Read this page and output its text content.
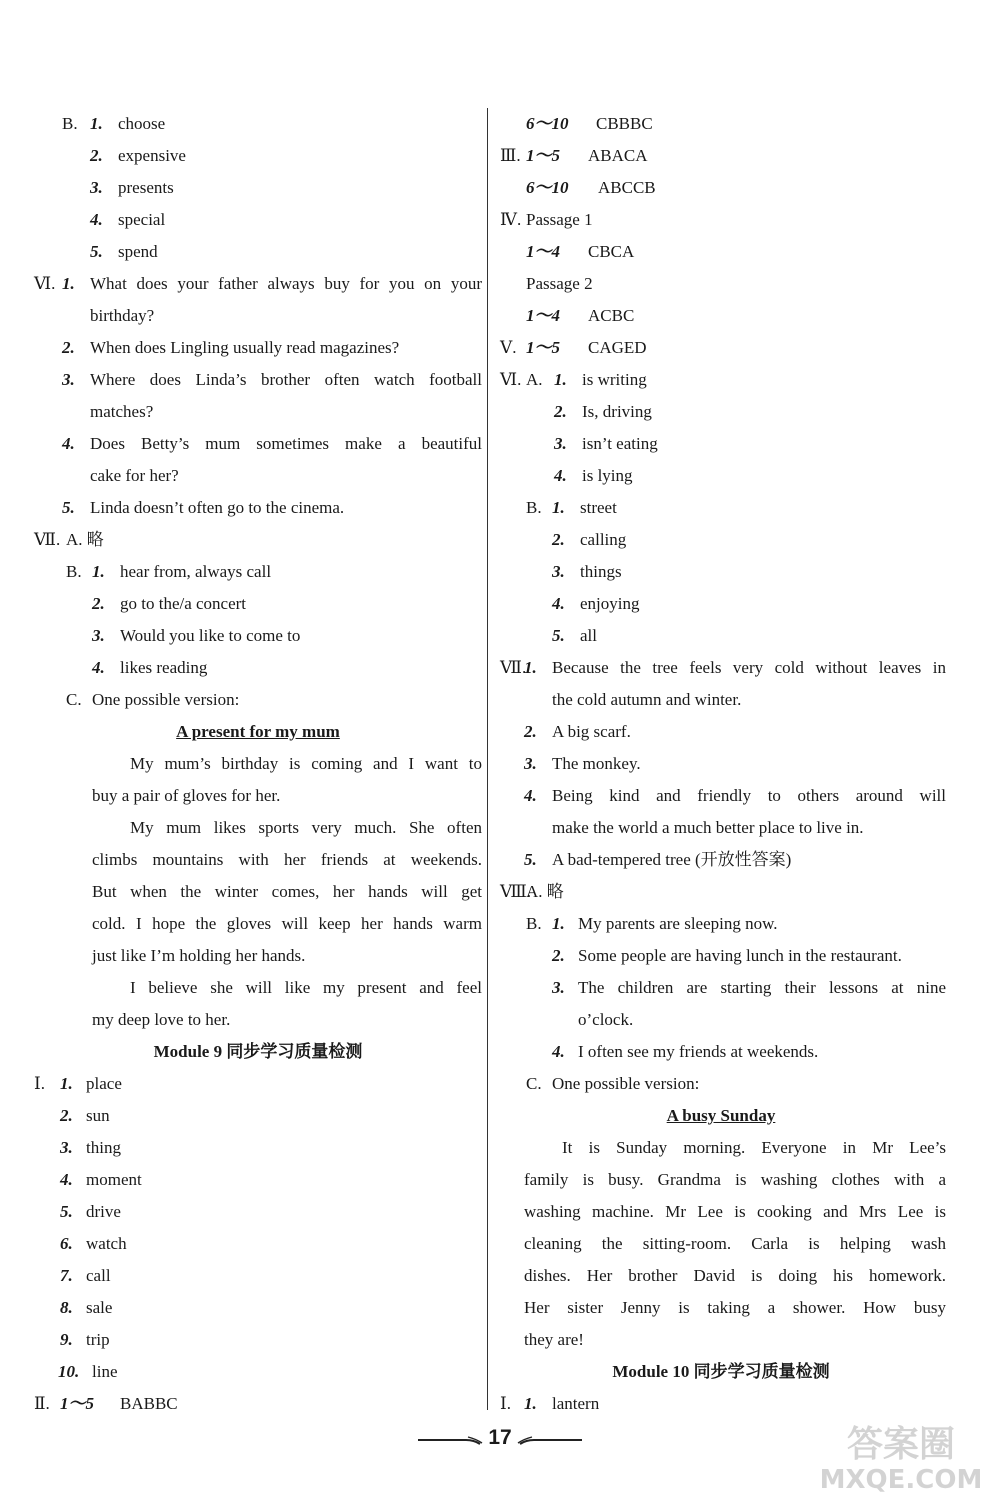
B. 1. choose
2. expensive
3. presents
4. special
5. spend
Ⅵ. 1. What does your father always buy for you on your
birthday?
2. When does Lingling usually read magazines?
3. Where does Linda’s brother often watch football
matches?
4. Does Betty’s mum sometimes make a beautiful
cake for her?
5. Linda doesn’t often go to the cinema.
Ⅶ. A. 略
B. 1. hear from, always call
2. go to the/a concert
3. Would you like to come to
4. likes reading
C. One possible version:
A present for my mum
My mum’s birthday is coming and I want to
buy a pair of gloves for her.
My mum likes sports very much. She often
climbs mountains with her friends at weekends.
But when the winter comes, her hands will get
cold. I hope the gloves will keep her hands warm
just like I’m holding her hands.
I believe she will like my present and feel
my deep love to her.
Module 9 同步学习质量检测
Ⅰ. 1. place
2. sun
3. thing
4. moment
5. drive
6. watch
7. call
8. sale
9. trip
10. line
Ⅱ. 1～5 BABBC
6～10 CBBBC
Ⅲ. 1～5 ABACA
6～10 ABCCB
Ⅳ. Passage 1
1～4 CBCA
Passage 2
1～4 ACBC
Ⅴ. 1～5 CAGED
Ⅵ. A. 1. is writing
2. Is, driving
3. isn’t eating
4. is lying
B. 1. street
2. calling
3. things
4. enjoying
5. all
Ⅶ.
1. Because the tree feels very cold without leaves in
the cold autumn and winter.
2. A big scarf.
3. The monkey.
4. Being kind and friendly to others around will
make the world a much better place to live in.
5. A bad-tempered tree (开放性答案)
Ⅷ.
A. 略
B. 1. My parents are sleeping now.
2. Some people are having lunch in the restaurant.
3. The children are starting their lessons at nine
o’clock.
4. I often see my friends at weekends.
C. One possible version:
A busy Sunday
It is Sunday morning. Everyone in Mr Lee’s
family is busy. Grandma is washing clothes with a
washing machine. Mr Lee is cooking and Mrs Lee is
cleaning the sitting-room. Carla is helping wash
dishes. Her brother David is doing his homework.
Her sister Jenny is taking a shower. How busy
they are!
Module 10 同步学习质量检测
Ⅰ. 1. lantern
17	答案圈
MXQE.COM
